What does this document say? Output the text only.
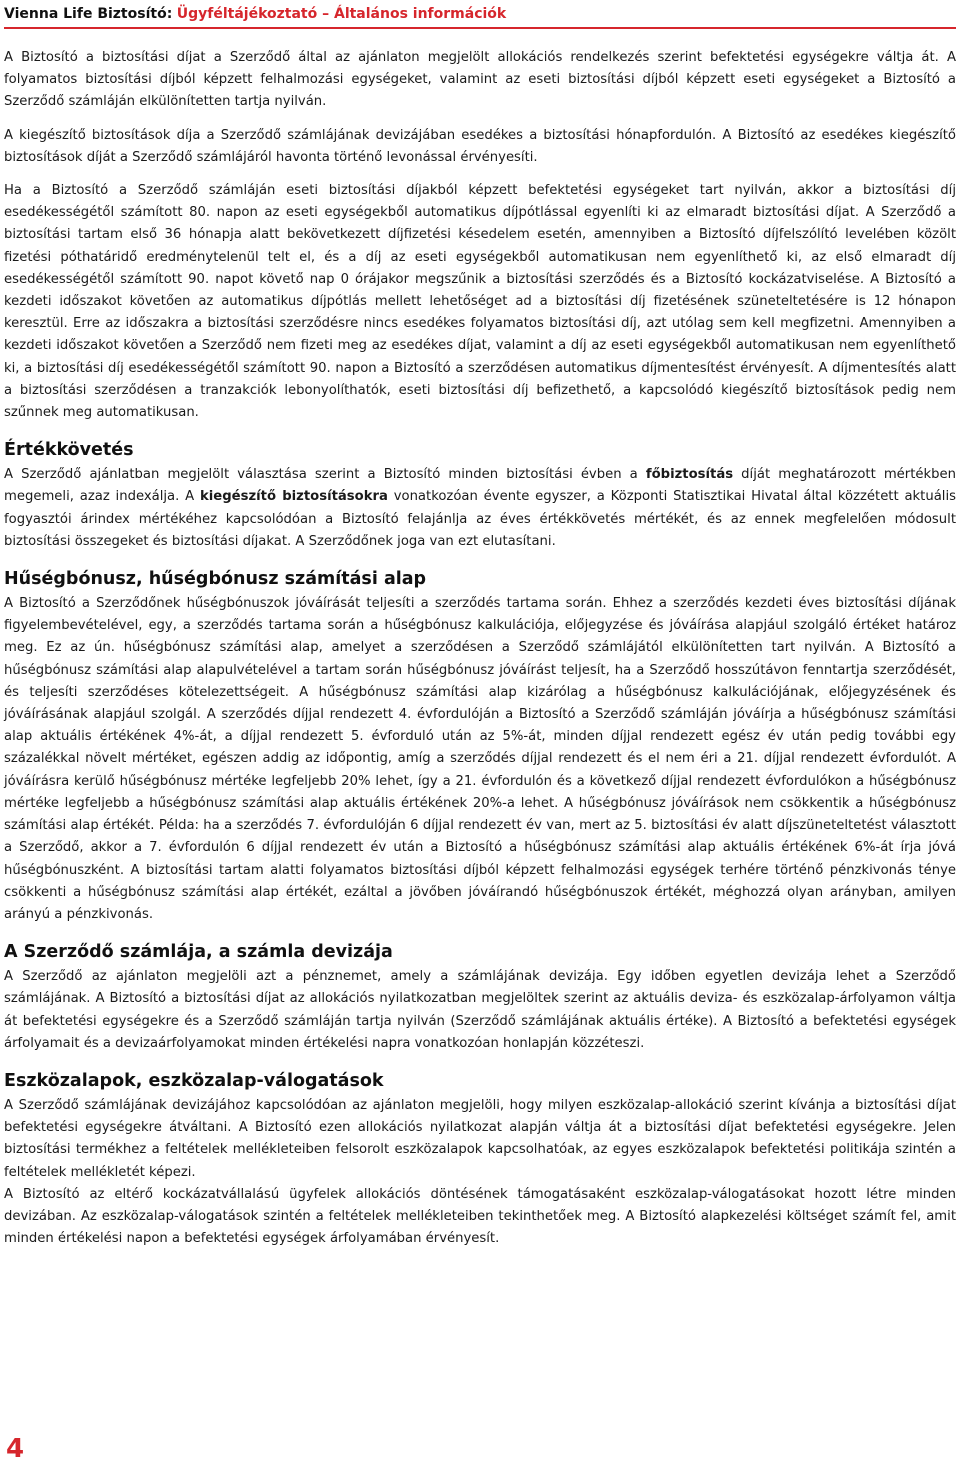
Vienna Life Biztosító: Ügyféltájékoztató – Általános információk

A Biztosító a biztosítási díjat a Szerződő által az ajánlaton megjelölt allokációs rendelkezés szerint befektetési egységekre váltja át. A folyamatos biztosítási díjból képzett felhalmozási egységeket, valamint az eseti biztosítási díjból képzett eseti egységeket a Biztosító a Szerződő számláján elkülönítetten tartja nyilván.

A kiegészítő biztosítások díja a Szerződő számlájának devizájában esedékes a biztosítási hónapfordulón. A Biztosító az esedékes kiegészítő biztosítások díját a Szerződő számlájáról havonta történő levonással érvényesíti.

Ha a Biztosító a Szerződő számláján eseti biztosítási díjakból képzett befektetési egységeket tart nyilván, akkor a biztosítási díj esedékességétől számított 80. napon az eseti egységekből automatikus díjpótlással egyenlíti ki az elmaradt biztosítási díjat. A Szerződő a biztosítási tartam első 36 hónapja alatt bekövetkezett díjfizetési késedelem esetén, amennyiben a Biztosító díjfelszólító levelében közölt fizetési póthatáridő eredménytelenül telt el, és a díj az eseti egységekből automatikusan nem egyenlíthető ki, az első elmaradt díj esedékességétől számított 90. napot követő nap 0 órájakor megszűnik a biztosítási szerződés és a Biztosító kockázatviselése. A Biztosító a kezdeti időszakot követően az automatikus díjpótlás mellett lehetőséget ad a biztosítási díj fizetésének szüneteltetésére is 12 hónapon keresztül. Erre az időszakra a biztosítási szerződésre nincs esedékes folyamatos biztosítási díj, azt utólag sem kell megfizetni. Amennyiben a kezdeti időszakot követően a Szerződő nem fizeti meg az esedékes díjat, valamint a díj az eseti egységekből automatikusan nem egyenlíthető ki, a biztosítási díj esedékességétől számított 90. napon a Biztosító a szerződésen automatikus díjmentesítést érvényesít. A díjmentesítés alatt a biztosítási szerződésen a tranzakciók lebonyolíthatók, eseti biztosítási díj befizethető, a kapcsolódó kiegészítő biztosítások pedig nem szűnnek meg automatikusan.

Értékkövetés

A Szerződő ajánlatban megjelölt választása szerint a Biztosító minden biztosítási évben a főbiztosítás díját meghatározott mértékben megemeli, azaz indexálja. A kiegészítő biztosításokra vonatkozóan évente egyszer, a Központi Statisztikai Hivatal által közzétett aktuális fogyasztói árindex mértékéhez kapcsolódóan a Biztosító felajánlja az éves értékkövetés mértékét, és az ennek megfelelően módosult biztosítási összegeket és biztosítási díjakat. A Szerződőnek joga van ezt elutasítani.

Hűségbónusz, hűségbónusz számítási alap

A Biztosító a Szerződőnek hűségbónuszok jóváírását teljesíti a szerződés tartama során. Ehhez a szerződés kezdeti éves biztosítási díjának figyelembevételével, egy, a szerződés tartama során a hűségbónusz kalkulációja, előjegyzése és jóváírása alapjául szolgáló értéket határoz meg. Ez az ún. hűségbónusz számítási alap, amelyet a szerződésen a Szerződő számlájától elkülönítetten tart nyilván. A Biztosító a hűségbónusz számítási alap alapulvételével a tartam során hűségbónusz jóváírást teljesít, ha a Szerződő hosszútávon fenntartja szerződését, és teljesíti szerződéses kötelezettségeit. A hűségbónusz számítási alap kizárólag a hűségbónusz kalkulációjának, előjegyzésének és jóváírásának alapjául szolgál. A szerződés díjjal rendezett 4. évfordulóján a Biztosító a Szerződő számláján jóváírja a hűségbónusz számítási alap aktuális értékének 4%-át, a díjjal rendezett 5. évforduló után az 5%-át, minden díjjal rendezett egész év után pedig további egy százalékkal növelt mértéket, egészen addig az időpontig, amíg a szerződés díjjal rendezett és el nem éri a 21. díjjal rendezett évfordulót. A jóváírásra kerülő hűségbónusz mértéke legfeljebb 20% lehet, így a 21. évfordulón és a következő díjjal rendezett évfordulókon a hűségbónusz mértéke legfeljebb a hűségbónusz számítási alap aktuális értékének 20%-a lehet. A hűségbónusz jóváírások nem csökkentik a hűségbónusz számítási alap értékét. Példa: ha a szerződés 7. évfordulóján 6 díjjal rendezett év van, mert az 5. biztosítási év alatt díjszüneteltetést választott a Szerződő, akkor a 7. évfordulón 6 díjjal rendezett év után a Biztosító a hűségbónusz számítási alap aktuális értékének 6%-át írja jóvá hűségbónuszként. A biztosítási tartam alatti folyamatos biztosítási díjból képzett felhalmozási egységek terhére történő pénzkivonás ténye csökkenti a hűségbónusz számítási alap értékét, ezáltal a jövőben jóváírandó hűségbónuszok értékét, méghozzá olyan arányban, amilyen arányú a pénzkivonás.

A Szerződő számlája, a számla devizája

A Szerződő az ajánlaton megjelöli azt a pénznemet, amely a számlájának devizája. Egy időben egyetlen devizája lehet a Szerződő számlájának. A Biztosító a biztosítási díjat az allokációs nyilatkozatban megjelöltek szerint az aktuális deviza- és eszközalap-árfolyamon váltja át befektetési egységekre és a Szerződő számláján tartja nyilván (Szerződő számlájának aktuális értéke). A Biztosító a befektetési egységek árfolyamait és a devizaárfolyamokat minden értékelési napra vonatkozóan honlapján közzéteszi.

Eszközalapok, eszközalap-válogatások

A Szerződő számlájának devizájához kapcsolódóan az ajánlaton megjelöli, hogy milyen eszközalap-allokáció szerint kívánja a biztosítási díjat befektetési egységekre átváltani. A Biztosító ezen allokációs nyilatkozat alapján váltja át a biztosítási díjat befektetési egységekre. Jelen biztosítási termékhez a feltételek mellékleteiben felsorolt eszközalapok kapcsolhatóak, az egyes eszközalapok befektetési politikája szintén a feltételek mellékletét képezi.

A Biztosító az eltérő kockázatvállalású ügyfelek allokációs döntésének támogatásaként eszközalap-válogatásokat hozott létre minden devizában. Az eszközalap-válogatások szintén a feltételek mellékleteiben tekinthetőek meg. A Biztosító alapkezelési költséget számít fel, amit minden értékelési napon a befektetési egységek árfolyamában érvényesít.

4
